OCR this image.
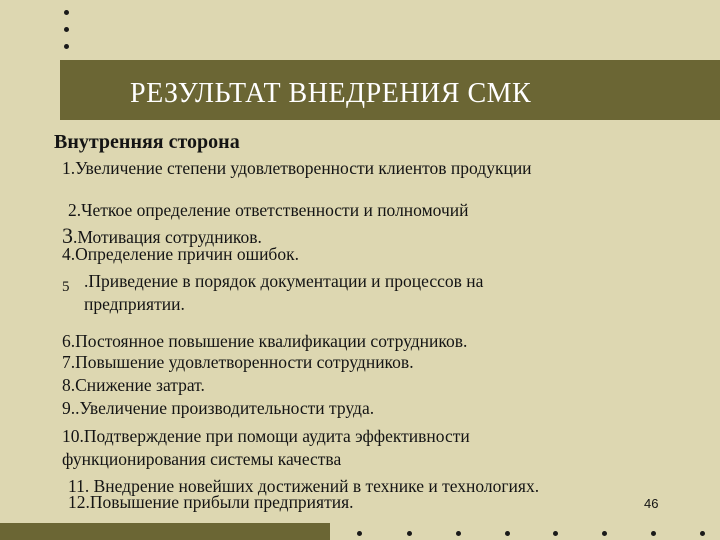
РЕЗУЛЬТАТ ВНЕДРЕНИЯ СМК
Внутренняя сторона
1.Увеличение степени удовлетворенности клиентов продукции
2.Четкое определение ответственности и полномочий
3.Мотивация сотрудников.
4.Определение причин ошибок.
5 .Приведение в порядок документации и процессов на
предприятии.
6.Постоянное повышение квалификации сотрудников.
7.Повышение удовлетворенности сотрудников.
8.Снижение затрат.
9..Увеличение производительности труда.
10.Подтверждение при помощи аудита эффективности
функционирования системы качества
11. Внедрение новейших достижений в технике и технологиях.
12.Повышение прибыли предприятия.	46
